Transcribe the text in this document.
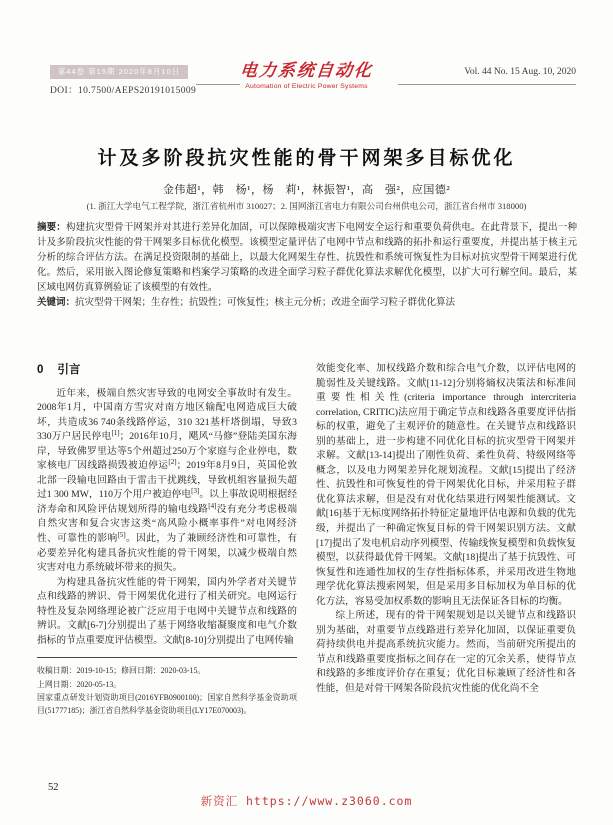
第44卷 第15期 2020年8月10日
DOI：10.7500/AEPS20191015009
电力系统自动化
Automation of Electric Power Systems
Vol. 44 No. 15 Aug. 10, 2020
计及多阶段抗灾性能的骨干网架多目标优化
金伟超¹，韩　杨¹，杨　莉¹，林振智¹，高　强²，应国德²
(1. 浙江大学电气工程学院，浙江省杭州市 310027；2. 国网浙江省电力有限公司台州供电公司，浙江省台州市 318000)

摘要：构建抗灾型骨干网架并对其进行差异化加固，可以保障极端灾害下电网安全运行和重要负荷供电。在此背景下，提出一种计及多阶段抗灾性能的骨干网架多目标优化模型。该模型定量评估了电网中节点和线路的拓扑和运行重要度，并提出基于核主元分析的综合评估方法。在满足投资限制的基础上，以最大化网架生存性、抗毁性和系统可恢复性为目标对抗灾型骨干网架进行优化。然后，采用嵌入图论修复策略和档案学习策略的改进全面学习粒子群优化算法求解优化模型，以扩大可行解空间。最后，某区域电网仿真算例验证了该模型的有效性。

关键词：抗灾型骨干网架；生存性；抗毁性；可恢复性；核主元分析；改进全面学习粒子群优化算法

0 引言

近年来，极端自然灾害导致的电网安全事故时有发生。2008年1月，中国南方雪灾对南方地区输配电网造成巨大破坏，共造成36 740条线路停运，310 321基杆塔倒塌，导致3 330万户居民停电[1]；2016年10月，飓风“马修”登陆美国东海岸，导致佛罗里达等5个州超过250万个家庭与企业停电，数家核电厂因线路损毁被迫停运[2]；2019年8月9日，英国伦敦北部一段输电回路由于雷击干扰跳线，导致机组容量损失超过1 300 MW，110万个用户被迫停电[3]。以上事故说明根据经济寿命和风险评估规划所得的输电线路[4]没有充分考虑极端自然灾害和复合灾害这类“高风险小概率事件”对电网经济性、可靠性的影响[5]。因此，为了兼顾经济性和可靠性，有必要差异化构建具备抗灾性能的骨干网架，以减少极端自然灾害对电力系统破坏带来的损失。

为构建具备抗灾性能的骨干网架，国内外学者对关键节点和线路的辨识、骨干网架优化进行了相关研究。电网运行特性及复杂网络理论被广泛应用于电网中关键节点和线路的辨识。文献[6-7]分别提出了基于网络收缩凝聚度和电气介数指标的节点重要度评估模型。文献[8-10]分别提出了电网传输

收稿日期：2019-10-15；修回日期：2020-03-15。
上网日期：2020-05-13。
国家重点研发计划资助项目(2016YFB0900100)；国家自然科学基金资助项目(51777185)；浙江省自然科学基金资助项目(LY17E070003)。

效能变化率、加权线路介数和综合电气介数，以评估电网的脆弱性及关键线路。文献[11-12]分别将熵权决策法和标准间重要性相关性(criteria importance through intercriteria correlation, CRITIC)法应用于确定节点和线路各重要度评估指标的权重，避免了主观评价的随意性。在关键节点和线路识别的基础上，进一步构建不同优化目标的抗灾型骨干网架并求解。文献[13-14]提出了刚性负荷、柔性负荷、特级网络等概念，以及电力网架差异化规划流程。文献[15]提出了经济性、抗毁性和可恢复性的骨干网架优化目标，并采用粒子群优化算法求解，但是没有对优化结果进行网架性能测试。文献[16]基于无标度网络拓扑特征定量地评估电源和负载的优先级，并提出了一种确定恢复目标的骨干网架识别方法。文献[17]提出了发电机启动序列模型、传输线恢复模型和负载恢复模型，以获得最优骨干网架。文献[18]提出了基于抗毁性、可恢复性和连通性加权的生存性指标体系，并采用改进生物地理学优化算法搜索网架，但是采用多目标加权为单目标的优化方法，容易受加权系数的影响且无法保证各目标的均衡。

综上所述，现有的骨干网架规划是以关键节点和线路识别为基础，对重要节点线路进行差异化加固，以保证重要负荷持续供电并提高系统抗灾能力。然而，当前研究所提出的节点和线路重要度指标之间存在一定的冗余关系，使得节点和线路的多维度评价存在重复；优化目标兼顾了经济性和各性能，但是对骨干网架各阶段抗灾性能的优化尚不全

52
新资汇 https://www.z3060.com
